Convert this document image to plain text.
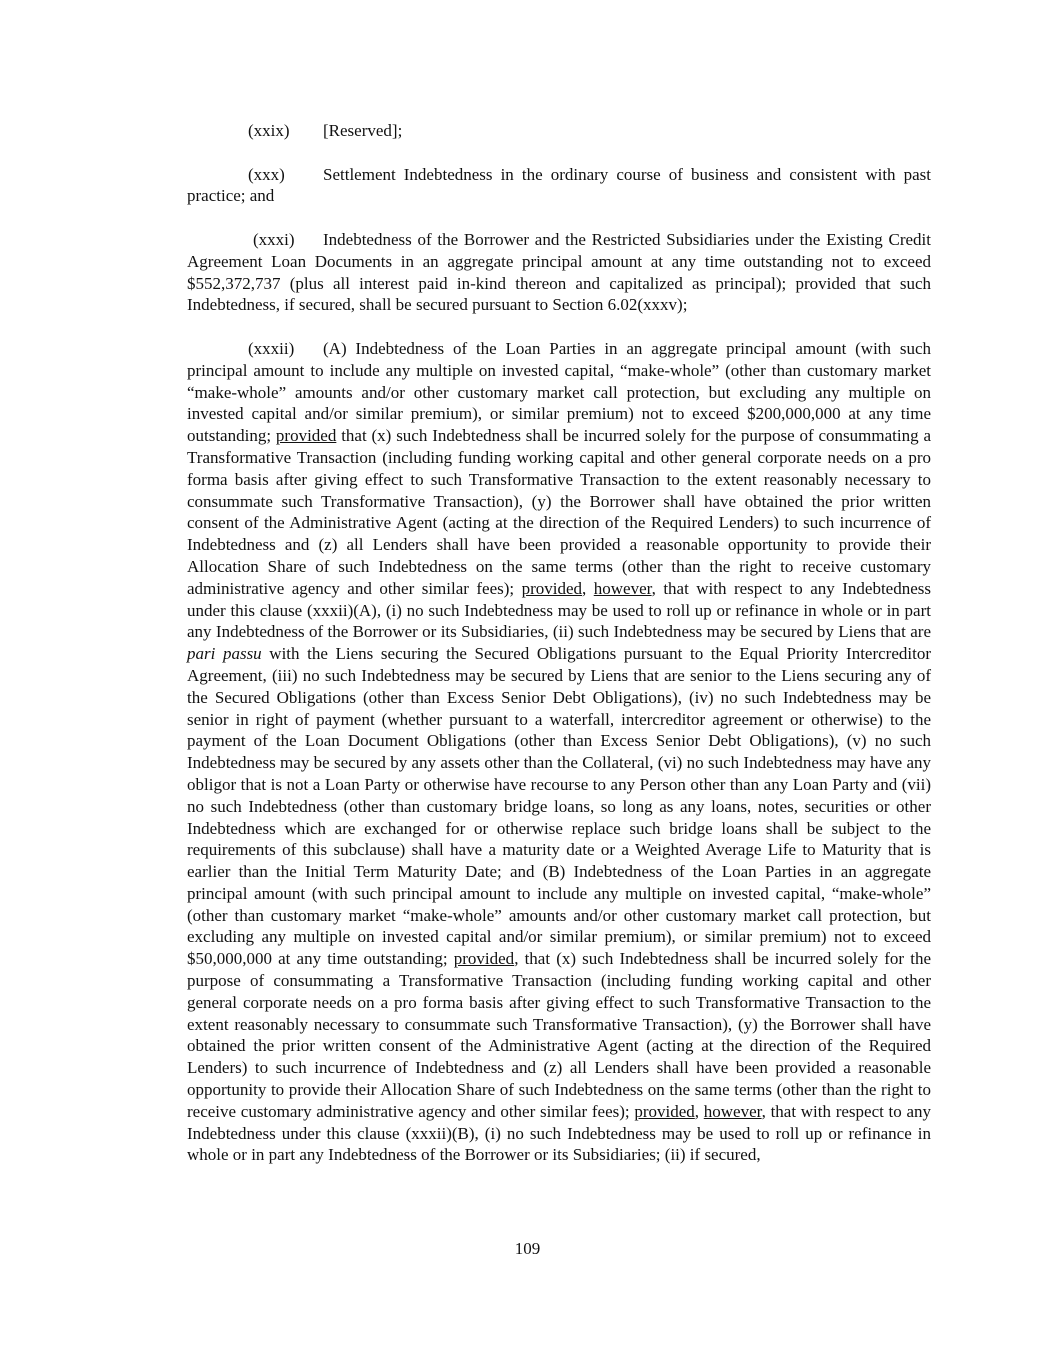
(xxix) [Reserved];

(xxx) Settlement Indebtedness in the ordinary course of business and consistent with past practice; and

(xxxi) Indebtedness of the Borrower and the Restricted Subsidiaries under the Existing Credit Agreement Loan Documents in an aggregate principal amount at any time outstanding not to exceed $552,372,737 (plus all interest paid in-kind thereon and capitalized as principal); provided that such Indebtedness, if secured, shall be secured pursuant to Section 6.02(xxxv);

(xxxii) (A) Indebtedness of the Loan Parties in an aggregate principal amount (with such principal amount to include any multiple on invested capital, “make-whole” (other than customary market “make-whole” amounts and/or other customary market call protection, but excluding any multiple on invested capital and/or similar premium), or similar premium) not to exceed $200,000,000 at any time outstanding; provided that (x) such Indebtedness shall be incurred solely for the purpose of consummating a Transformative Transaction (including funding working capital and other general corporate needs on a pro forma basis after giving effect to such Transformative Transaction to the extent reasonably necessary to consummate such Transformative Transaction), (y) the Borrower shall have obtained the prior written consent of the Administrative Agent (acting at the direction of the Required Lenders) to such incurrence of Indebtedness and (z) all Lenders shall have been provided a reasonable opportunity to provide their Allocation Share of such Indebtedness on the same terms (other than the right to receive customary administrative agency and other similar fees); provided, however, that with respect to any Indebtedness under this clause (xxxii)(A), (i) no such Indebtedness may be used to roll up or refinance in whole or in part any Indebtedness of the Borrower or its Subsidiaries, (ii) such Indebtedness may be secured by Liens that are pari passu with the Liens securing the Secured Obligations pursuant to the Equal Priority Intercreditor Agreement, (iii) no such Indebtedness may be secured by Liens that are senior to the Liens securing any of the Secured Obligations (other than Excess Senior Debt Obligations), (iv) no such Indebtedness may be senior in right of payment (whether pursuant to a waterfall, intercreditor agreement or otherwise) to the payment of the Loan Document Obligations (other than Excess Senior Debt Obligations), (v) no such Indebtedness may be secured by any assets other than the Collateral, (vi) no such Indebtedness may have any obligor that is not a Loan Party or otherwise have recourse to any Person other than any Loan Party and (vii) no such Indebtedness (other than customary bridge loans, so long as any loans, notes, securities or other Indebtedness which are exchanged for or otherwise replace such bridge loans shall be subject to the requirements of this subclause) shall have a maturity date or a Weighted Average Life to Maturity that is earlier than the Initial Term Maturity Date; and (B) Indebtedness of the Loan Parties in an aggregate principal amount (with such principal amount to include any multiple on invested capital, “make-whole” (other than customary market “make-whole” amounts and/or other customary market call protection, but excluding any multiple on invested capital and/or similar premium), or similar premium) not to exceed $50,000,000 at any time outstanding; provided, that (x) such Indebtedness shall be incurred solely for the purpose of consummating a Transformative Transaction (including funding working capital and other general corporate needs on a pro forma basis after giving effect to such Transformative Transaction to the extent reasonably necessary to consummate such Transformative Transaction), (y) the Borrower shall have obtained the prior written consent of the Administrative Agent (acting at the direction of the Required Lenders) to such incurrence of Indebtedness and (z) all Lenders shall have been provided a reasonable opportunity to provide their Allocation Share of such Indebtedness on the same terms (other than the right to receive customary administrative agency and other similar fees); provided, however, that with respect to any Indebtedness under this clause (xxxii)(B), (i) no such Indebtedness may be used to roll up or refinance in whole or in part any Indebtedness of the Borrower or its Subsidiaries; (ii) if secured,

109
